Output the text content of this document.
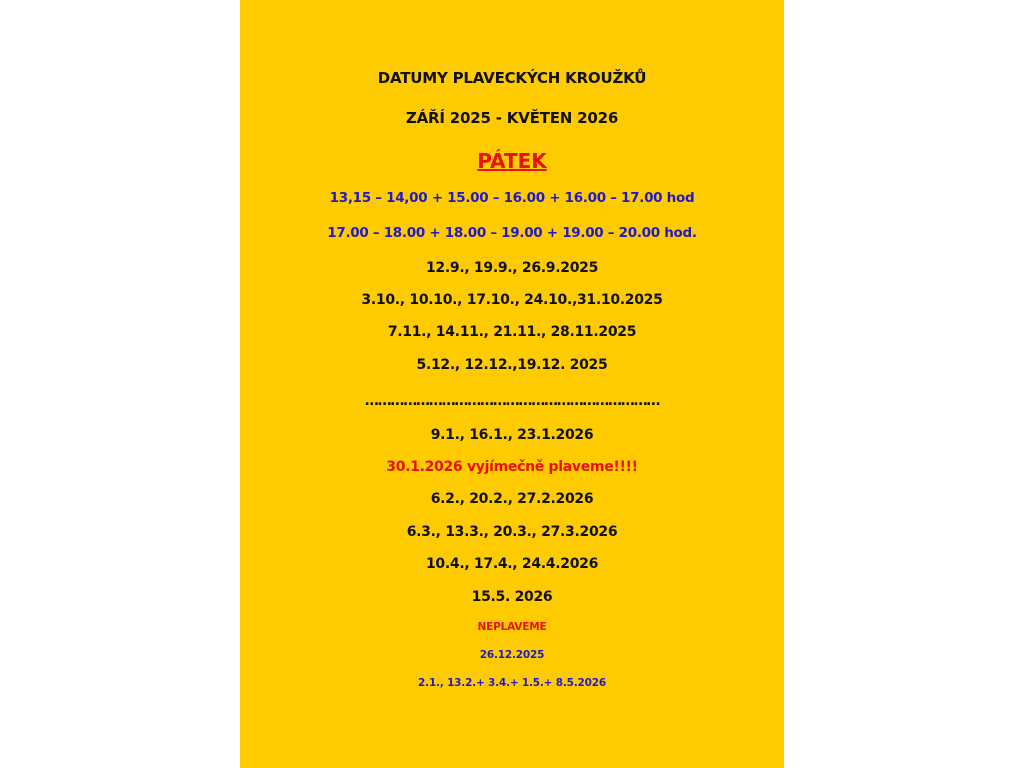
DATUMY PLAVECKÝCH KROUŽKŮ
ZÁŘÍ 2025 - KVĚTEN 2026
PÁTEK
13,15 – 14,00 + 15.00 – 16.00 + 16.00 – 17.00 hod
17.00 – 18.00 + 18.00 – 19.00 + 19.00 – 20.00 hod.
12.9., 19.9., 26.9.2025
3.10., 10.10., 17.10., 24.10.,31.10.2025
7.11., 14.11., 21.11., 28.11.2025
5.12., 12.12.,19.12. 2025
……………………………………………………………
9.1., 16.1., 23.1.2026
30.1.2026 vyjímečně plaveme!!!!
6.2., 20.2., 27.2.2026
6.3., 13.3., 20.3., 27.3.2026
10.4., 17.4., 24.4.2026
15.5. 2026
NEPLAVEME
26.12.2025
2.1., 13.2.+ 3.4.+ 1.5.+ 8.5.2026
